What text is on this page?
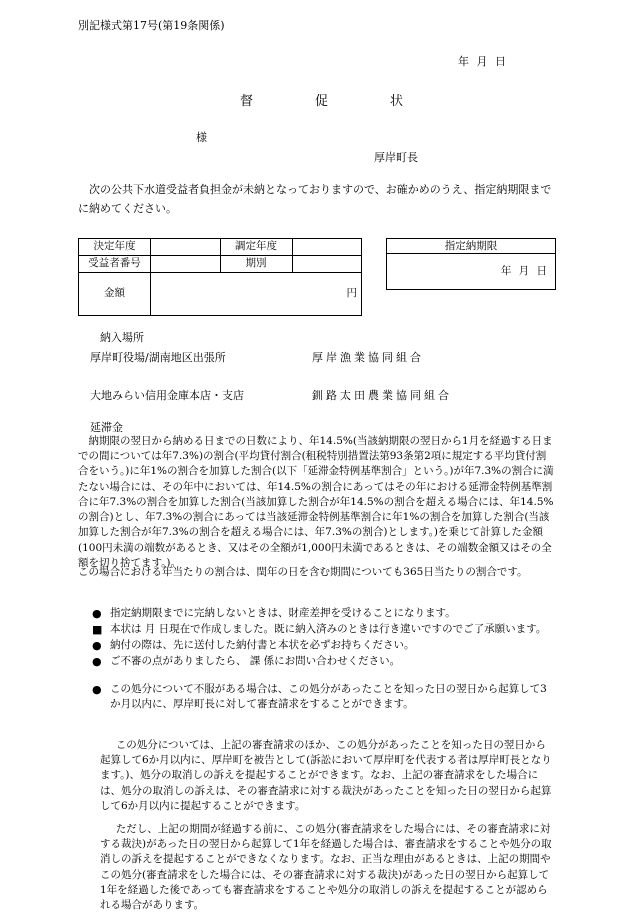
別記様式第17号(第19条関係)
年 月 日
督促状
様
厚岸町長
次の公共下水道受益者負担金が未納となっておりますので、お確かめのうえ、指定納期限までに納めてください。
決定年度		調定年度	
受益者番号		期別	
金額	円		
指定納期限
年 月 日
納入場所
厚岸町役場/湖南地区出張所	厚岸漁業協同組合
大地みらい信用金庫本店・支店	釧路太田農業協同組合
延滞金
納期限の翌日から納める日までの日数により、年14.5%(当該納期限の翌日から1月を経過する日までの間については年7.3%)の割合(平均貸付割合(租税特別措置法第93条第2項に規定する平均貸付割合をいう。)に年1%の割合を加算した割合(以下「延滞金特例基準割合」という。)が年7.3%の割合に満たない場合には、その年中においては、年14.5%の割合にあってはその年における延滞金特例基準割合に年7.3%の割合を加算した割合(当該加算した割合が年14.5%の割合を超える場合には、年14.5%の割合)とし、年7.3%の割合にあっては当該延滞金特例基準割合に年1%の割合を加算した割合(当該加算した割合が年7.3%の割合を超える場合には、年7.3%の割合)とします。)を乗じて計算した金額(100円未満の端数があるとき、又はその全額が1,000円未満であるときは、その端数金額又はその全額を切り捨てます。)。
この場合における年当たりの割合は、閏年の日を含む期間についても365日当たりの割合です。
● 指定納期限までに完納しないときは、財産差押を受けることになります。
■ 本状は 月 日現在で作成しました。既に納入済みのときは行き違いですのでご了承願います。
● 納付の際は、先に送付した納付書と本状を必ずお持ちください。
● ご不審の点がありましたら、 課 係にお問い合わせください。
● この処分について不服がある場合は、この処分があったことを知った日の翌日から起算して3か月以内に、厚岸町長に対して審査請求をすることができます。
この処分については、上記の審査請求のほか、この処分があったことを知った日の翌日から起算して6か月以内に、厚岸町を被告として(訴訟において厚岸町を代表する者は厚岸町長となります。)、処分の取消しの訴えを提起することができます。なお、上記の審査請求をした場合には、処分の取消しの訴えは、その審査請求に対する裁決があったことを知った日の翌日から起算して6か月以内に提起することができます。
ただし、上記の期間が経過する前に、この処分(審査請求をした場合には、その審査請求に対する裁決)があった日の翌日から起算して1年を経過した場合は、審査請求をすることや処分の取消しの訴えを提起することができなくなります。なお、正当な理由があるときは、上記の期間やこの処分(審査請求をした場合には、その審査請求に対する裁決)があった日の翌日から起算して1年を経過した後であっても審査請求をすることや処分の取消しの訴えを提起することが認められる場合があります。
